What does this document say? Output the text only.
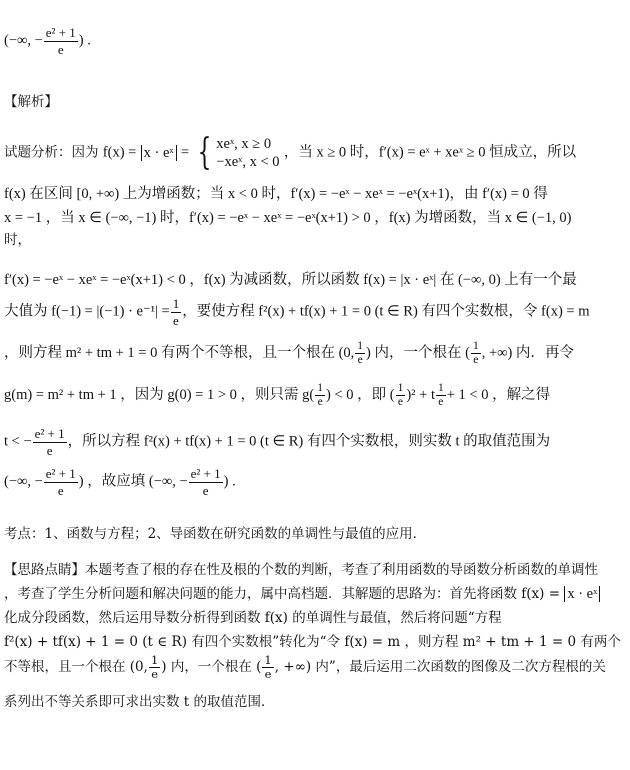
(−∞, − $\frac{\text{e² + 1}}{e}$ ) .
【解析】
试题分析：因为 f(x) = x · eˣ = { xeˣ, x ≥ 0
−xeˣ, x < 0
，当 x ≥ 0 时，f′(x) = eˣ + xeˣ ≥ 0 恒成立，所以
f(x) 在区间 [0, +∞) 上为增函数；当 x < 0 时，f′(x) = −eˣ − xeˣ = −eˣ(x+1)，由 f′(x) = 0 得
x = −1 ，当 x ∈ (−∞, −1) 时，f′(x) = −eˣ − xeˣ = −eˣ(x+1) > 0 ，f(x) 为增函数，当 x ∈ (−1, 0)
时，
f′(x) = −eˣ − xeˣ = −eˣ(x+1) < 0 ，f(x) 为减函数，所以函数 f(x) = |x · eˣ| 在 (−∞, 0) 上有一个最
大值为 $f(-1) = |(-1) \cdot e^{-1}| = \frac{1}{e}$ ，要使方程 f²(x) + tf(x) + 1 = 0 (t ∈ R) 有四个实数根，令 f(x) = m
，则方程 m² + tm + 1 = 0 有两个不等根，且一个根在 (0, $\frac{1}{e}$ ) 内，一个根在 ( $\frac{1}{e}$ , +∞) 内．再令
g(m) = m² + tm + 1 ，因为 g(0) = 1 > 0 ，则只需 $g( \frac{1}{e}$ ) < 0 ，即 ( $\frac{1}{e} )^2 + t \frac{1}{e} + 1 < 0$ ，解之得
t < − $\frac{\text{e² + 1}}{e}$ ，所以方程 f²(x) + tf(x) + 1 = 0 (t ∈ R) 有四个实数根，则实数 t 的取值范围为
(−∞, − $\frac{\text{e² + 1}}{e}$ ) ，故应填 (−∞, − $\frac{\text{e² + 1}}{e}$ ) .
考点：1、函数与方程；2、导函数在研究函数的单调性与最值的应用．
【思路点睛】本题考查了根的存在性及根的个数的判断，考查了利用函数的导函数分析函数的单调性
，考查了学生分析问题和解决问题的能力，属中高档题．其解题的思路为：首先将函数 f(x) = x · eˣ
化成分段函数，然后运用导数分析得到函数 f(x) 的单调性与最值，然后将问题“方程
f²(x) + tf(x) + 1 = 0 (t ∈ R) 有四个实数根”转化为“令 f(x) = m ，则方程 m² + tm + 1 = 0 有两个
不等根，且一个根在 (0, $\frac{1}{e}$ ) 内，一个根在 ( $\frac{1}{e}$ , +∞) 内”，最后运用二次函数的图像及二次方程根的关
系列出不等关系即可求出实数 t 的取值范围．
